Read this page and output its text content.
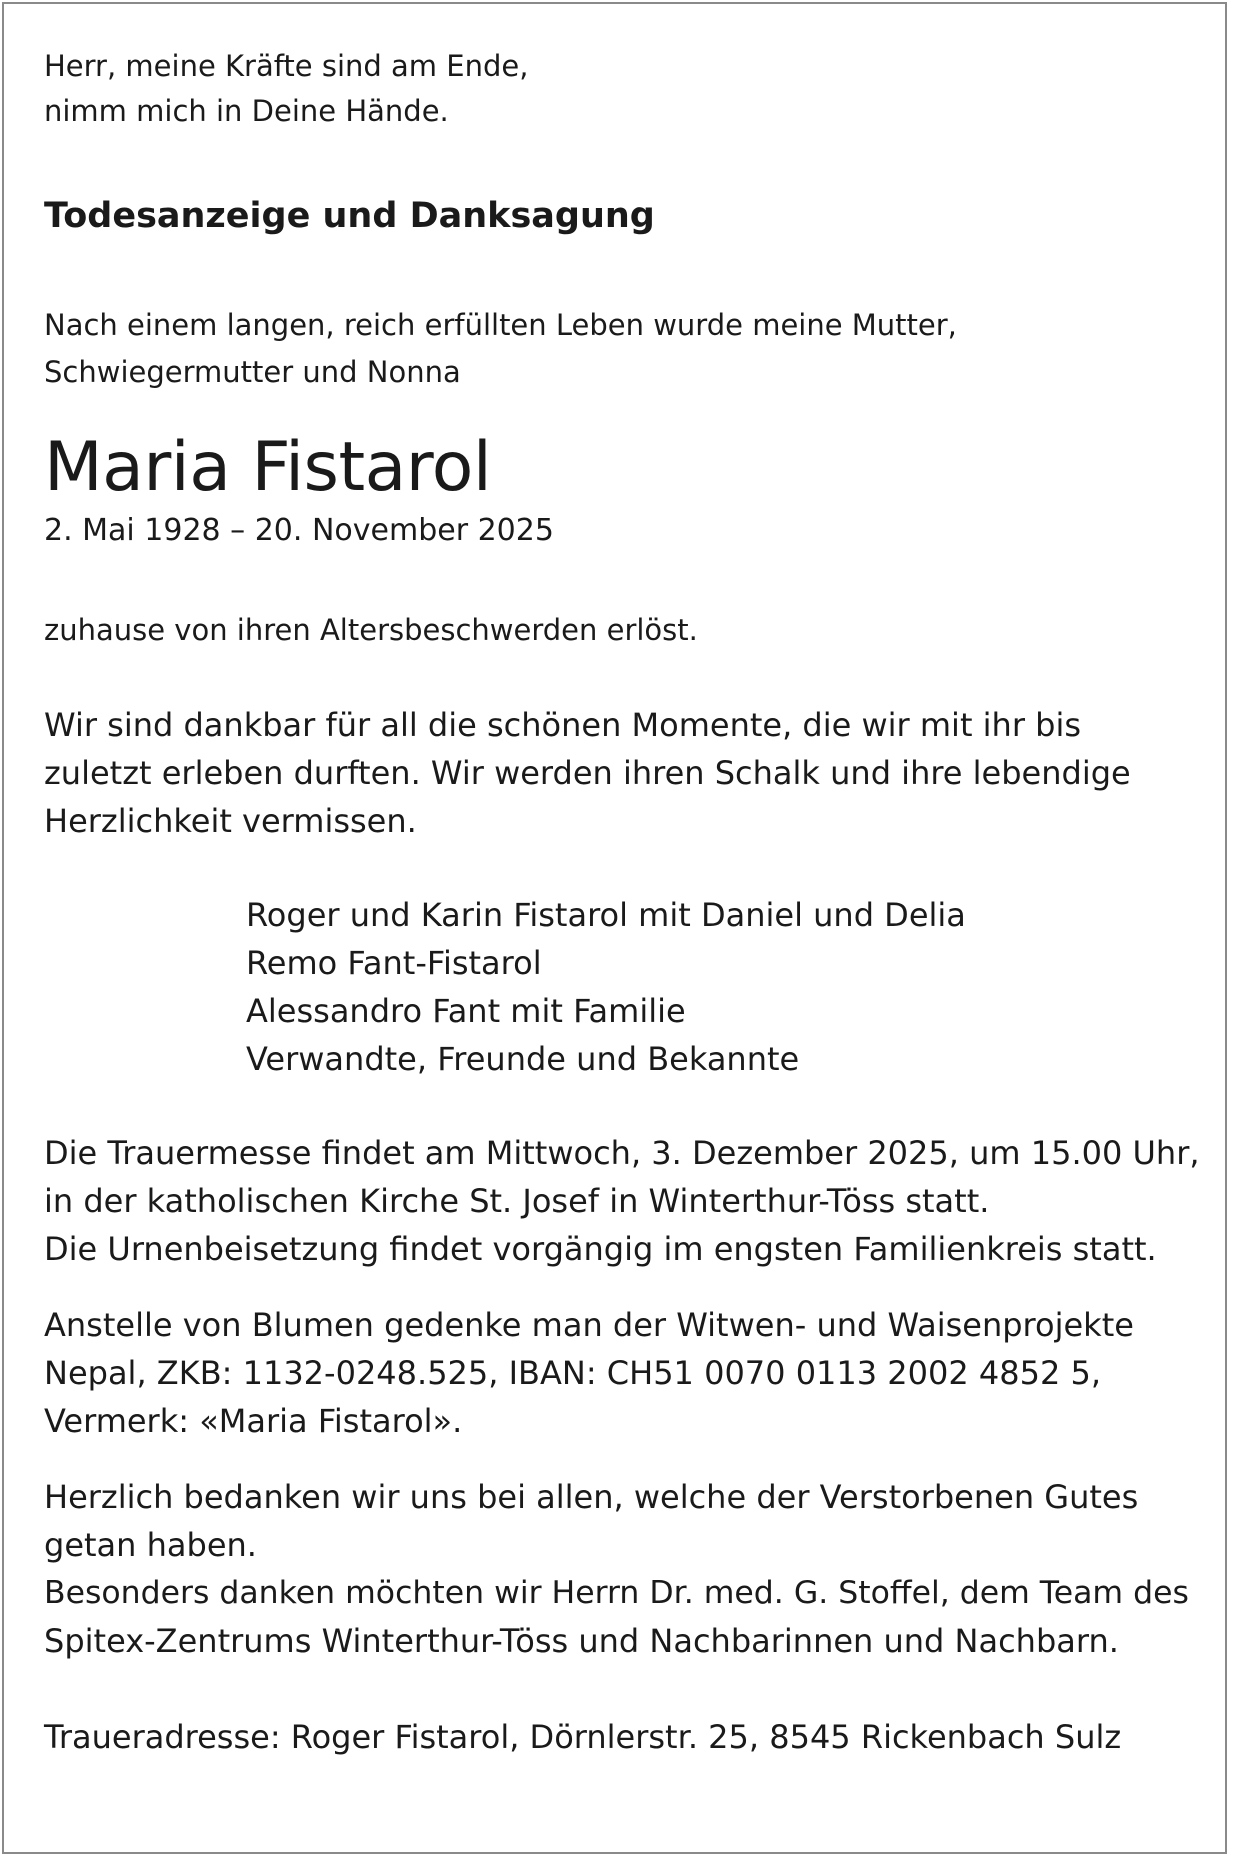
Herr, meine Kräfte sind am Ende,
nimm mich in Deine Hände.
Todesanzeige und Danksagung
Nach einem langen, reich erfüllten Leben wurde meine Mutter,
Schwiegermutter und Nonna
Maria Fistarol
2. Mai 1928 – 20. November 2025
zuhause von ihren Altersbeschwerden erlöst.
Wir sind dankbar für all die schönen Momente, die wir mit ihr bis
zuletzt erleben durften. Wir werden ihren Schalk und ihre lebendige
Herzlichkeit vermissen.
Roger und Karin Fistarol mit Daniel und Delia
Remo Fant-Fistarol
Alessandro Fant mit Familie
Verwandte, Freunde und Bekannte
Die Trauermesse findet am Mittwoch, 3. Dezember 2025, um 15.00 Uhr,
in der katholischen Kirche St. Josef in Winterthur-Töss statt.
Die Urnenbeisetzung findet vorgängig im engsten Familienkreis statt.
Anstelle von Blumen gedenke man der Witwen- und Waisenprojekte
Nepal, ZKB: 1132-0248.525, IBAN: CH51 0070 0113 2002 4852 5,
Vermerk: «Maria Fistarol».
Herzlich bedanken wir uns bei allen, welche der Verstorbenen Gutes
getan haben.
Besonders danken möchten wir Herrn Dr. med. G. Stoffel, dem Team des
Spitex-Zentrums Winterthur-Töss und Nachbarinnen und Nachbarn.
Traueradresse: Roger Fistarol, Dörnlerstr. 25, 8545 Rickenbach Sulz
